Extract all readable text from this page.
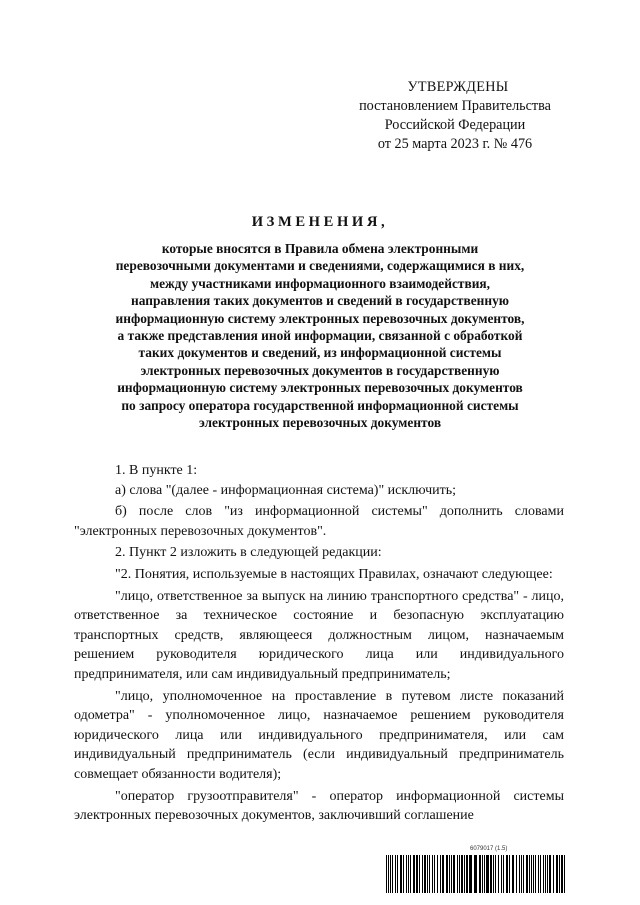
УТВЕРЖДЕНЫ
постановлением Правительства
Российской Федерации
от 25 марта 2023 г. № 476
ИЗМЕНЕНИЯ,
которые вносятся в Правила обмена электронными
перевозочными документами и сведениями, содержащимися в них,
между участниками информационного взаимодействия,
направления таких документов и сведений в государственную
информационную систему электронных перевозочных документов,
а также представления иной информации, связанной с обработкой
таких документов и сведений, из информационной системы
электронных перевозочных документов в государственную
информационную систему электронных перевозочных документов
по запросу оператора государственной информационной системы
электронных перевозочных документов

1. В пункте 1:

а) слова "(далее - информационная система)" исключить;

б) после слов "из информационной системы" дополнить словами "электронных перевозочных документов".

2. Пункт 2 изложить в следующей редакции:

"2. Понятия, используемые в настоящих Правилах, означают следующее:

"лицо, ответственное за выпуск на линию транспортного средства" - лицо, ответственное за техническое состояние и безопасную эксплуатацию транспортных средств, являющееся должностным лицом, назначаемым решением руководителя юридического лица или индивидуального предпринимателя, или сам индивидуальный предприниматель;

"лицо, уполномоченное на проставление в путевом листе показаний одометра" - уполномоченное лицо, назначаемое решением руководителя юридического лица или индивидуального предпринимателя, или сам индивидуальный предприниматель (если индивидуальный предприниматель совмещает обязанности водителя);

"оператор грузоотправителя" - оператор информационной системы электронных перевозочных документов, заключивший соглашение

6079017 (1.5)
